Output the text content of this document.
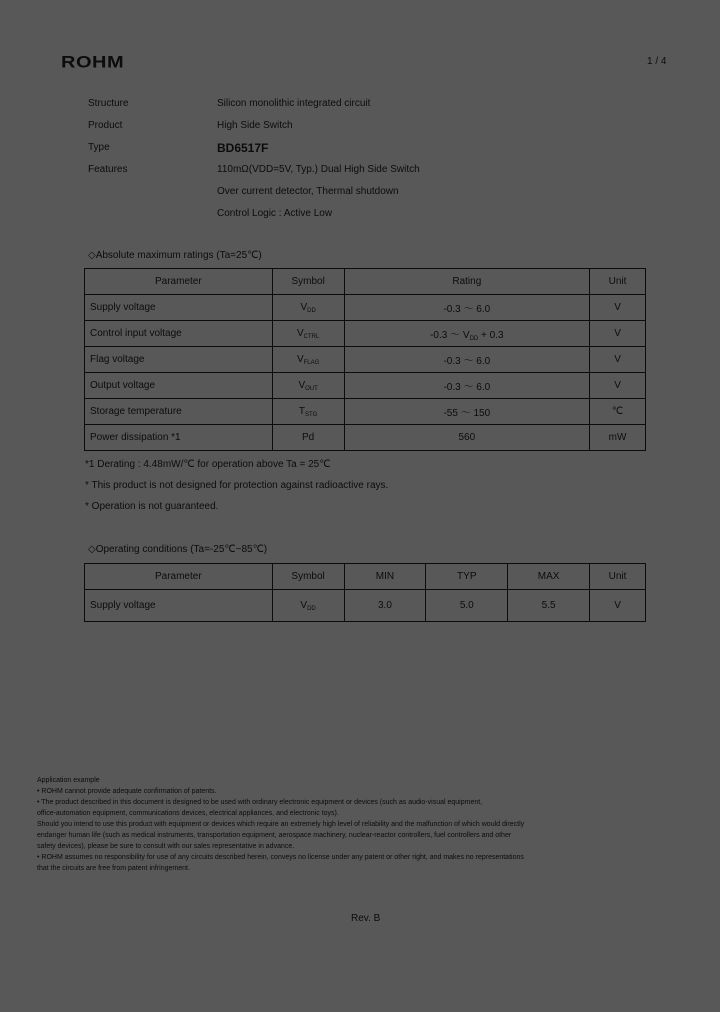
ROHM	1 / 4
Structure	Silicon monolithic integrated circuit
Product	High Side Switch
Type	BD6517F
Features	110mΩ(VDD=5V, Typ.) Dual High Side Switch
Over current detector, Thermal shutdown
Control Logic : Active Low
◇Absolute maximum ratings (Ta=25℃)
Parameter	Symbol	Rating	Unit
Supply voltage	$V_{DD}$	-0.3 ～ 6.0	V
Control input voltage	$V_{CTRL}$	-0.3 ～ $V_{DD} + 0.3$	V
Flag voltage	$V_{FLAG}$	-0.3 ～ 6.0	V
Output voltage	$V_{OUT}$	-0.3 ～ 6.0	V
Storage temperature	$T_{STG}$	-55 ～ 150	℃
Power dissipation *1	Pd	560	mW
*1 Derating : 4.48mW/℃ for operation above Ta = 25℃
* This product is not designed for protection against radioactive rays.
* Operation is not guaranteed.
◇Operating conditions (Ta=-25℃~85℃)
Parameter	Symbol	MIN	TYP	MAX	Unit
Supply voltage	$V_{DD}$	3.0	5.0	5.5	V
Application example
• ROHM cannot provide adequate confirmation of patents.
• The product described in this document is designed to be used with ordinary electronic equipment or devices (such as audio-visual equipment,
office-automation equipment, communications devices, electrical appliances, and electronic toys).
Should you intend to use this product with equipment or devices which require an extremely high level of reliability and the malfunction of which would directly
endanger human life (such as medical instruments, transportation equipment, aerospace machinery, nuclear-reactor controllers, fuel controllers and other
safety devices), please be sure to consult with our sales representative in advance.
• ROHM assumes no responsibility for use of any circuits described herein, conveys no license under any patent or other right, and makes no representations
that the circuits are free from patent infringement.
Rev. B
